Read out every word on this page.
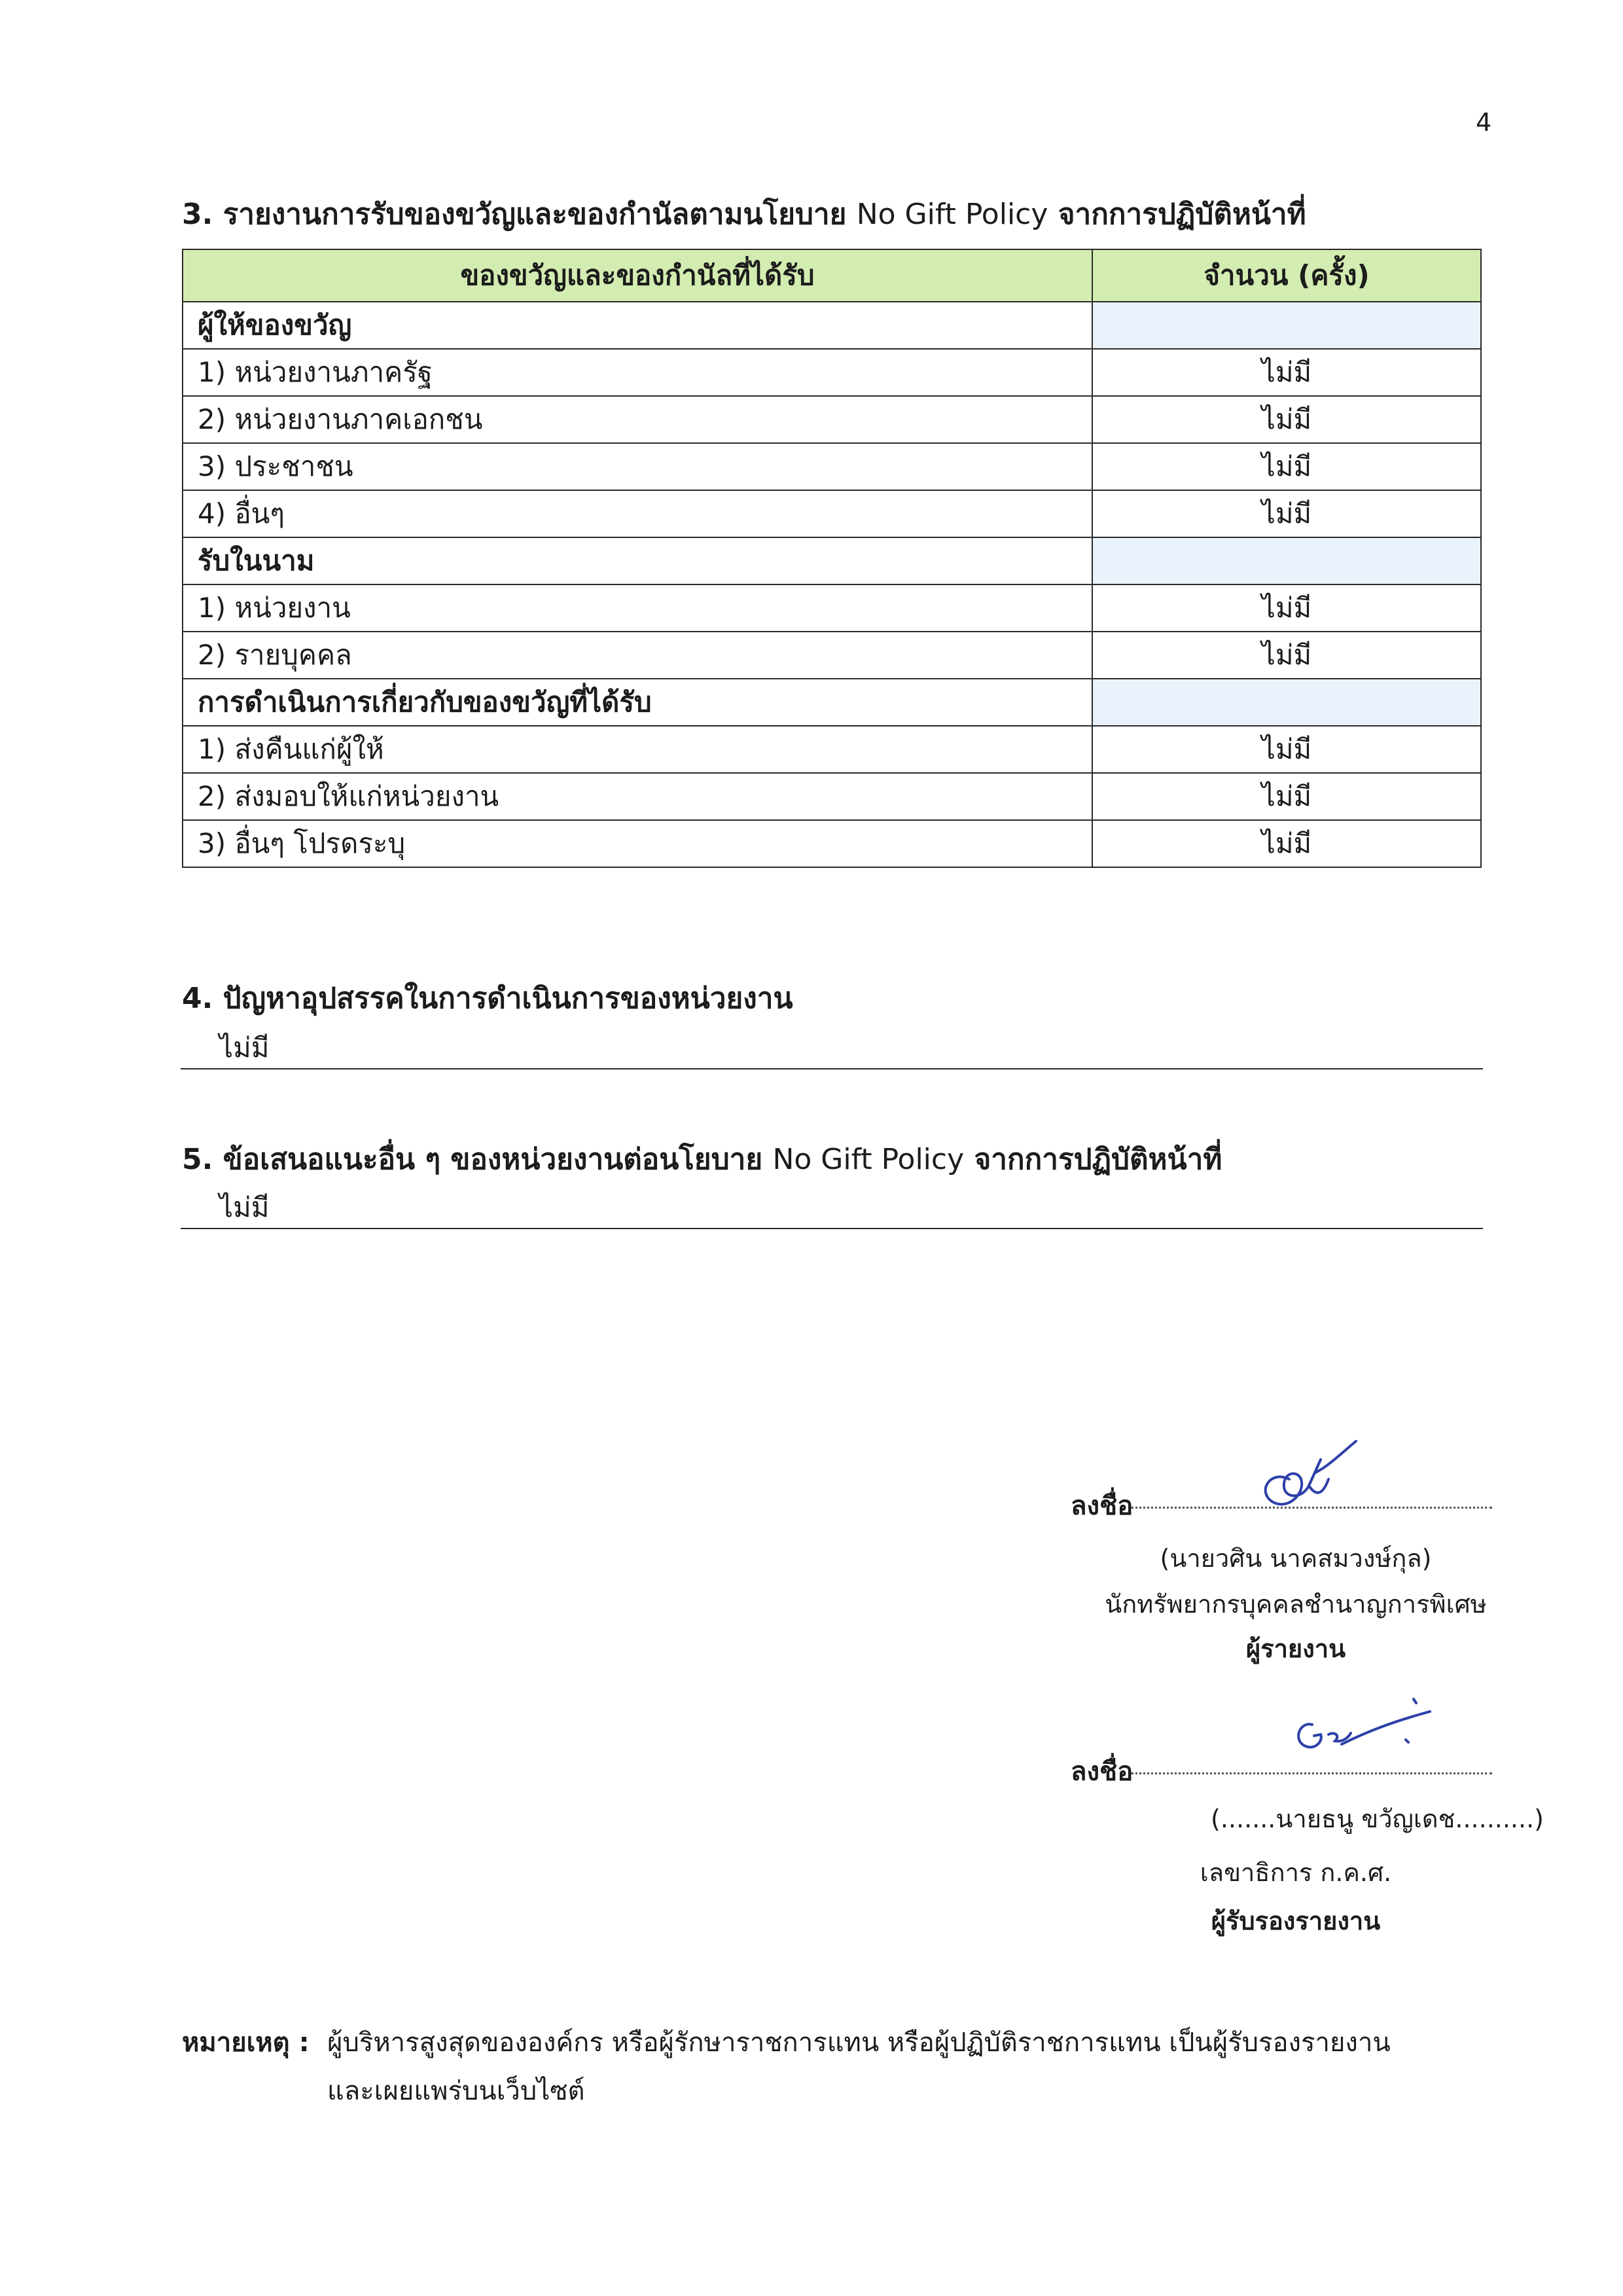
4
3. รายงานการรับของขวัญและของกำนัลตามนโยบาย No Gift Policy จากการปฏิบัติหน้าที่
ของขวัญและของกำนัลที่ได้รับ	จำนวน (ครั้ง)
ผู้ให้ของขวัญ	
1) หน่วยงานภาครัฐ	ไม่มี
2) หน่วยงานภาคเอกชน	ไม่มี
3) ประชาชน	ไม่มี
4) อื่นๆ	ไม่มี
รับในนาม	
1) หน่วยงาน	ไม่มี
2) รายบุคคล	ไม่มี
การดำเนินการเกี่ยวกับของขวัญที่ได้รับ	
1) ส่งคืนแก่ผู้ให้	ไม่มี
2) ส่งมอบให้แก่หน่วยงาน	ไม่มี
3) อื่นๆ โปรดระบุ	ไม่มี
4. ปัญหาอุปสรรคในการดำเนินการของหน่วยงาน
ไม่มี
5. ข้อเสนอแนะอื่น ๆ ของหน่วยงานต่อนโยบาย No Gift Policy จากการปฏิบัติหน้าที่
ไม่มี
ลงชื่อ
(นายวศิน นาคสมวงษ์กุล)
นักทรัพยากรบุคคลชำนาญการพิเศษ
ผู้รายงาน
ลงชื่อ
(.......นายธนู ขวัญเดช..........)
เลขาธิการ ก.ค.ศ.
ผู้รับรองรายงาน
หมายเหตุ : ผู้บริหารสูงสุดขององค์กร หรือผู้รักษาราชการแทน หรือผู้ปฏิบัติราชการแทน เป็นผู้รับรองรายงาน
และเผยแพร่บนเว็บไซต์
